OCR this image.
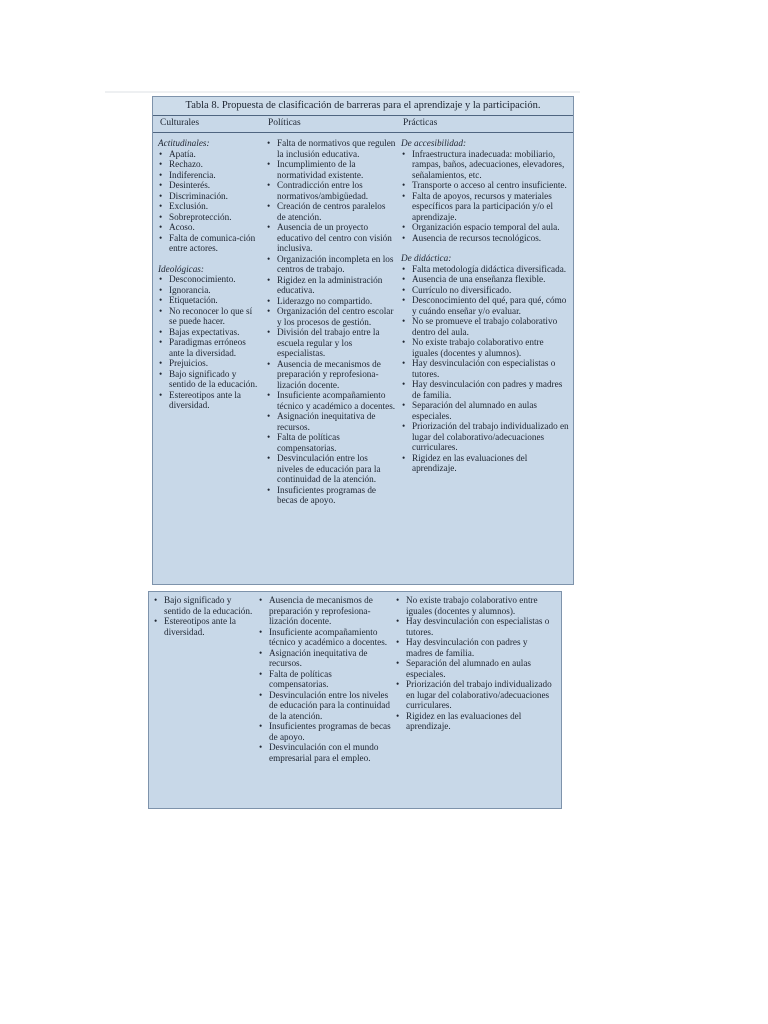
Tabla 8. Propuesta de clasificación de barreras para el aprendizaje y la participación.
Culturales	Políticas	Prácticas

Actitudinales:

• Apatía.
• Rechazo.
• Indiferencia.
• Desinterés.
• Discriminación.
• Exclusión.
• Sobreprotección.
• Acoso.
• Falta de comunica-ción entre actores.

Ideológicas:

• Desconocimiento.
• Ignorancia.
• Etiquetación.
• No reconocer lo que sí se puede hacer.
• Bajas expectativas.
• Paradigmas erróneos ante la diversidad.
• Prejuicios.
• Bajo significado y sentido de la educación.
• Estereotipos ante la diversidad.
• Falta de normativos que regulen la inclusión educativa.
• Incumplimiento de la normatividad existente.
• Contradicción entre los normativos/ambigüedad.
• Creación de centros paralelos de atención.
• Ausencia de un proyecto educativo del centro con visión inclusiva.
• Organización incompleta en los centros de trabajo.
• Rigidez en la administración educativa.
• Liderazgo no compartido.
• Organización del centro escolar y los procesos de gestión.
• División del trabajo entre la escuela regular y los especialistas.
• Ausencia de mecanismos de preparación y reprofesiona-lización docente.
• Insuficiente acompañamiento técnico y académico a docentes.
• Asignación inequitativa de recursos.
• Falta de políticas compensatorias.
• Desvinculación entre los niveles de educación para la continuidad de la atención.
• Insuficientes programas de becas de apoyo.

De accesibilidad:

• Infraestructura inadecuada: mobiliario, rampas, baños, adecuaciones, elevadores, señalamientos, etc.
• Transporte o acceso al centro insuficiente.
• Falta de apoyos, recursos y materiales específicos para la participación y/o el aprendizaje.
• Organización espacio temporal del aula.
• Ausencia de recursos tecnológicos.

De didáctica:

• Falta metodología didáctica diversificada.
• Ausencia de una enseñanza flexible.
• Currículo no diversificado.
• Desconocimiento del qué, para qué, cómo y cuándo enseñar y/o evaluar.
• No se promueve el trabajo colaborativo dentro del aula.
• No existe trabajo colaborativo entre iguales (docentes y alumnos).
• Hay desvinculación con especialistas o tutores.
• Hay desvinculación con padres y madres de familia.
• Separación del alumnado en aulas especiales.
• Priorización del trabajo individualizado en lugar del colaborativo/adecuaciones curriculares.
• Rigidez en las evaluaciones del aprendizaje.
• Bajo significado y sentido de la educación.
• Estereotipos ante la diversidad.
• Ausencia de mecanismos de preparación y reprofesiona-lización docente.
• Insuficiente acompañamiento técnico y académico a docentes.
• Asignación inequitativa de recursos.
• Falta de políticas compensatorias.
• Desvinculación entre los niveles de educación para la continuidad de la atención.
• Insuficientes programas de becas de apoyo.
• Desvinculación con el mundo empresarial para el empleo.
• No existe trabajo colaborativo entre iguales (docentes y alumnos).
• Hay desvinculación con especialistas o tutores.
• Hay desvinculación con padres y madres de familia.
• Separación del alumnado en aulas especiales.
• Priorización del trabajo individualizado en lugar del colaborativo/adecuaciones curriculares.
• Rigidez en las evaluaciones del aprendizaje.
